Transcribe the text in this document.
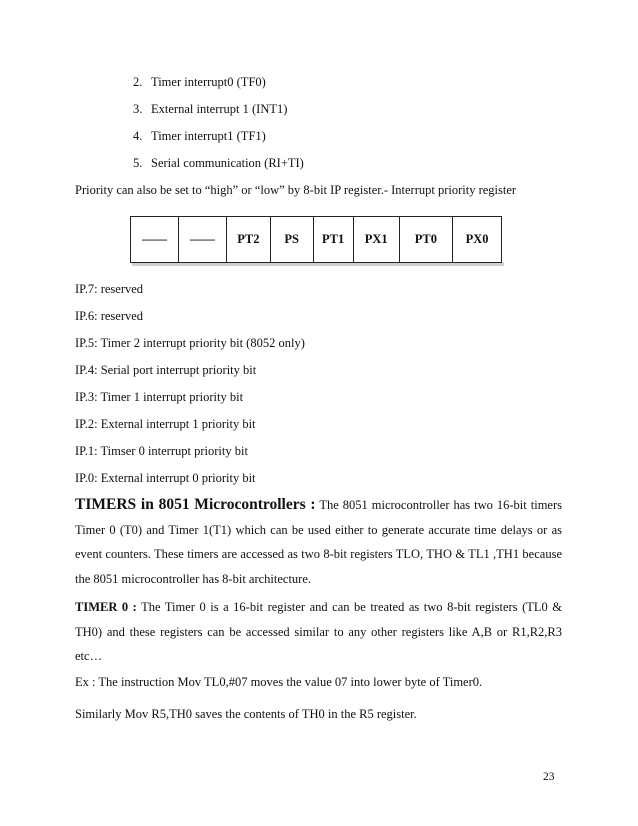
2. Timer interrupt0 (TF0)
3. External interrupt 1 (INT1)
4. Timer interrupt1 (TF1)
5. Serial communication (RI+TI)
Priority can also be set to “high” or “low” by 8-bit IP register.- Interrupt priority register
——	——	PT2	PS	PT1	PX1	PT0	PX0
IP.7: reserved
IP.6: reserved
IP.5: Timer 2 interrupt priority bit (8052 only)
IP.4: Serial port interrupt priority bit
IP.3: Timer 1 interrupt priority bit
IP.2: External interrupt 1 priority bit
IP.1: Timser 0 interrupt priority bit
IP.0: External interrupt 0 priority bit
TIMERS in 8051 Microcontrollers : The 8051 microcontroller has two 16-bit timers Timer 0 (T0) and Timer 1(T1) which can be used either to generate accurate time delays or as event counters. These timers are accessed as two 8-bit registers TLO, THO & TL1 ,TH1 because the 8051 microcontroller has 8-bit architecture.
TIMER 0 : The Timer 0 is a 16-bit register and can be treated as two 8-bit registers (TL0 & TH0) and these registers can be accessed similar to any other registers like A,B or R1,R2,R3 etc…
Ex : The instruction Mov TL0,#07 moves the value 07 into lower byte of Timer0.
Similarly Mov R5,TH0 saves the contents of TH0 in the R5 register.
23
